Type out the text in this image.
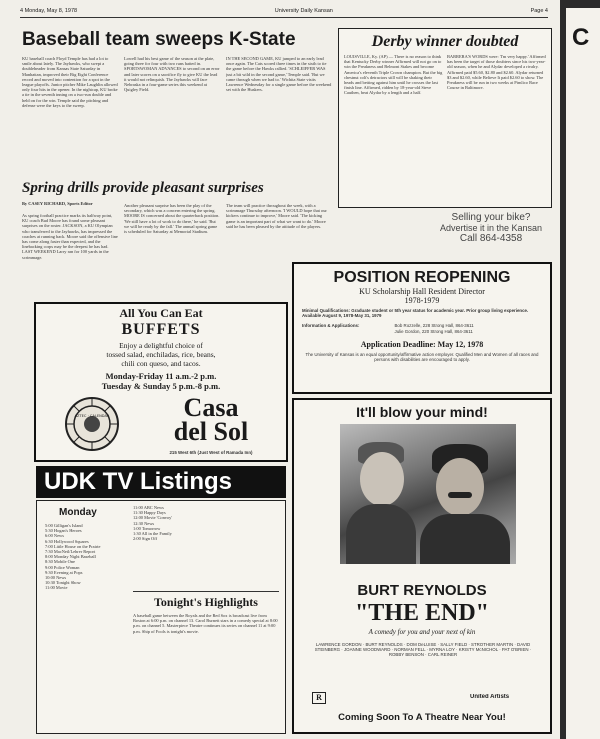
4 Monday, May 8, 1978	University Daily Kansan	Page 4
Baseball team sweeps K-State
KU baseball coach Floyd Temple has had a lot to smile about lately. The Jayhawks, who swept a doubleheader from Kansas State Saturday in Manhattan, improved their Big Eight Conference record and moved into contention for a spot in the league playoffs. Junior pitcher Mike Laughlin allowed only four hits in the opener. In the nightcap, KU broke a tie in the seventh inning on a two-run double and held on for the win. Temple said the pitching and defense were the keys to the sweep.
Lowell had his best game of the season at the plate, going three for four with two runs batted in. SPORTSWOMAN ADVANCES to second on an error and later scores on a sacrifice fly to give KU the lead it would not relinquish. The Jayhawks will face Nebraska in a four-game series this weekend at Quigley Field.
IN THE SECOND GAME, KU jumped to an early lead once again. The Cats scored three times in the sixth to tie the game before the Hawks rallied. 'SCHLEIFFER WAS just a bit wild in the second game,' Temple said. 'But we came through when we had to.' Wichita State visits Lawrence Wednesday for a single game before the weekend set with the Huskers.
Spring drills provide pleasant surprises
By CASEY RICHARD, Sports Editor
As spring football practice marks its halfway point, KU coach Bud Moore has found some pleasant surprises on the roster. JACKSON, a KU Olympian who transferred to the Jayhawks, has impressed the coaches at running back. Moore said the offensive line has come along faster than expected, and the linebacking corps may be the deepest he has had. LAST WEEKEND Larry ran for 100 yards in the scrimmage.
Another pleasant surprise has been the play of the secondary, which was a concern entering the spring. MOORE IS concerned about the quarterback position. 'We still have a lot of work to do there,' he said. 'But we will be ready by the fall.' The annual spring game is scheduled for Saturday at Memorial Stadium.
The team will practice throughout the week, with a scrimmage Thursday afternoon. 'I WOULD hope that our kickers continue to improve,' Moore said. 'The kicking game is an important part of what we want to do.' Moore said he has been pleased by the attitude of the players.
Derby winner doubted
LOUISVILLE, Ky. (AP) — There is no reason to think that Kentucky Derby winner Affirmed will not go on to win the Preakness and Belmont Stakes and become America's eleventh Triple Crown champion. But the big chestnut colt's detractors still will be shaking their heads and betting against him until he crosses the last finish line. Affirmed, ridden by 18-year-old Steve Cauthen, beat Alydar by a length and a half.
BARRERA'S WORDS were: 'I'm very happy.' Affirmed has been the target of those doubters since his two-year-old season, when he and Alydar developed a rivalry. Affirmed paid $5.60, $2.80 and $2.60. Alydar returned $3 and $2.60, while Believe It paid $2.60 to show. The Preakness will be run in two weeks at Pimlico Race Course in Baltimore.
Selling your bike?
Advertise it in the Kansan
Call 864-4358
POSITION REOPENING
KU Scholarship Hall Resident Director
1978-1979
Minimal Qualifications: Graduate student or 5th year status for academic year. Prior group living experience. Available August 9, 1978-May 31, 1979
Information & Applications:	Bob Rozzelle, 228 Strong Hall, 864-3611
Julie Gordon, 220 Strong Hall, 864-3611
Application Deadline: May 12, 1978
The University of Kansas is an equal opportunity/affirmative action employer. Qualified Men and Women of all races and persons with disabilities are encouraged to apply.
All You Can Eat
BUFFETS
Enjoy a delightful choice of
tossed salad, enchiladas, rice, beans,
chili con queso, and tacos.
Monday-Friday 11 a.m.-2 p.m.
Tuesday & Sunday 5 p.m.-8 p.m.
AZTEC · CALENDAR	Casa
del Sol
215 West 6th (Just West of Ramada Inn)
UDK TV Listings
Monday
5:00 Gilligan's Island
5:30 Hogan's Heroes
6:00 News
6:30 Hollywood Squares
7:00 Little House on the Prairie
7:30 MacNeil/Lehrer Report
8:00 Monday Night Baseball
8:30 Mobile One
9:00 Police Woman
9:30 Evening at Pops
10:00 News
10:30 Tonight Show
11:00 Movie
11:00 ABC News
11:30 Happy Days
12:00 Movie 'Convoy'
12:30 News
1:00 Tomorrow
1:30 All in the Family
2:00 Sign Off
Tonight's Highlights
A baseball game between the Royals and the Red Sox is broadcast live from Boston at 6:00 p.m. on channel 13. Carol Burnett stars in a comedy special at 8:00 p.m. on channel 5. Masterpiece Theatre continues its series on channel 11 at 9:00 p.m. Ship of Fools is tonight's movie.
It'll blow your mind!
BURT REYNOLDS
"THE END"
A comedy for you and your next of kin
LAWRENCE GORDON · BURT REYNOLDS · DOM DeLUISE · SALLY FIELD · STROTHER MARTIN · DAVID STEINBERG · JOANNE WOODWARD · NORMAN FELL · MYRNA LOY · KRISTY McNICHOL · PAT O'BRIEN · ROBBY BENSON · CARL REINER
R	United Artists
Coming Soon To A Theatre Near You!
C
